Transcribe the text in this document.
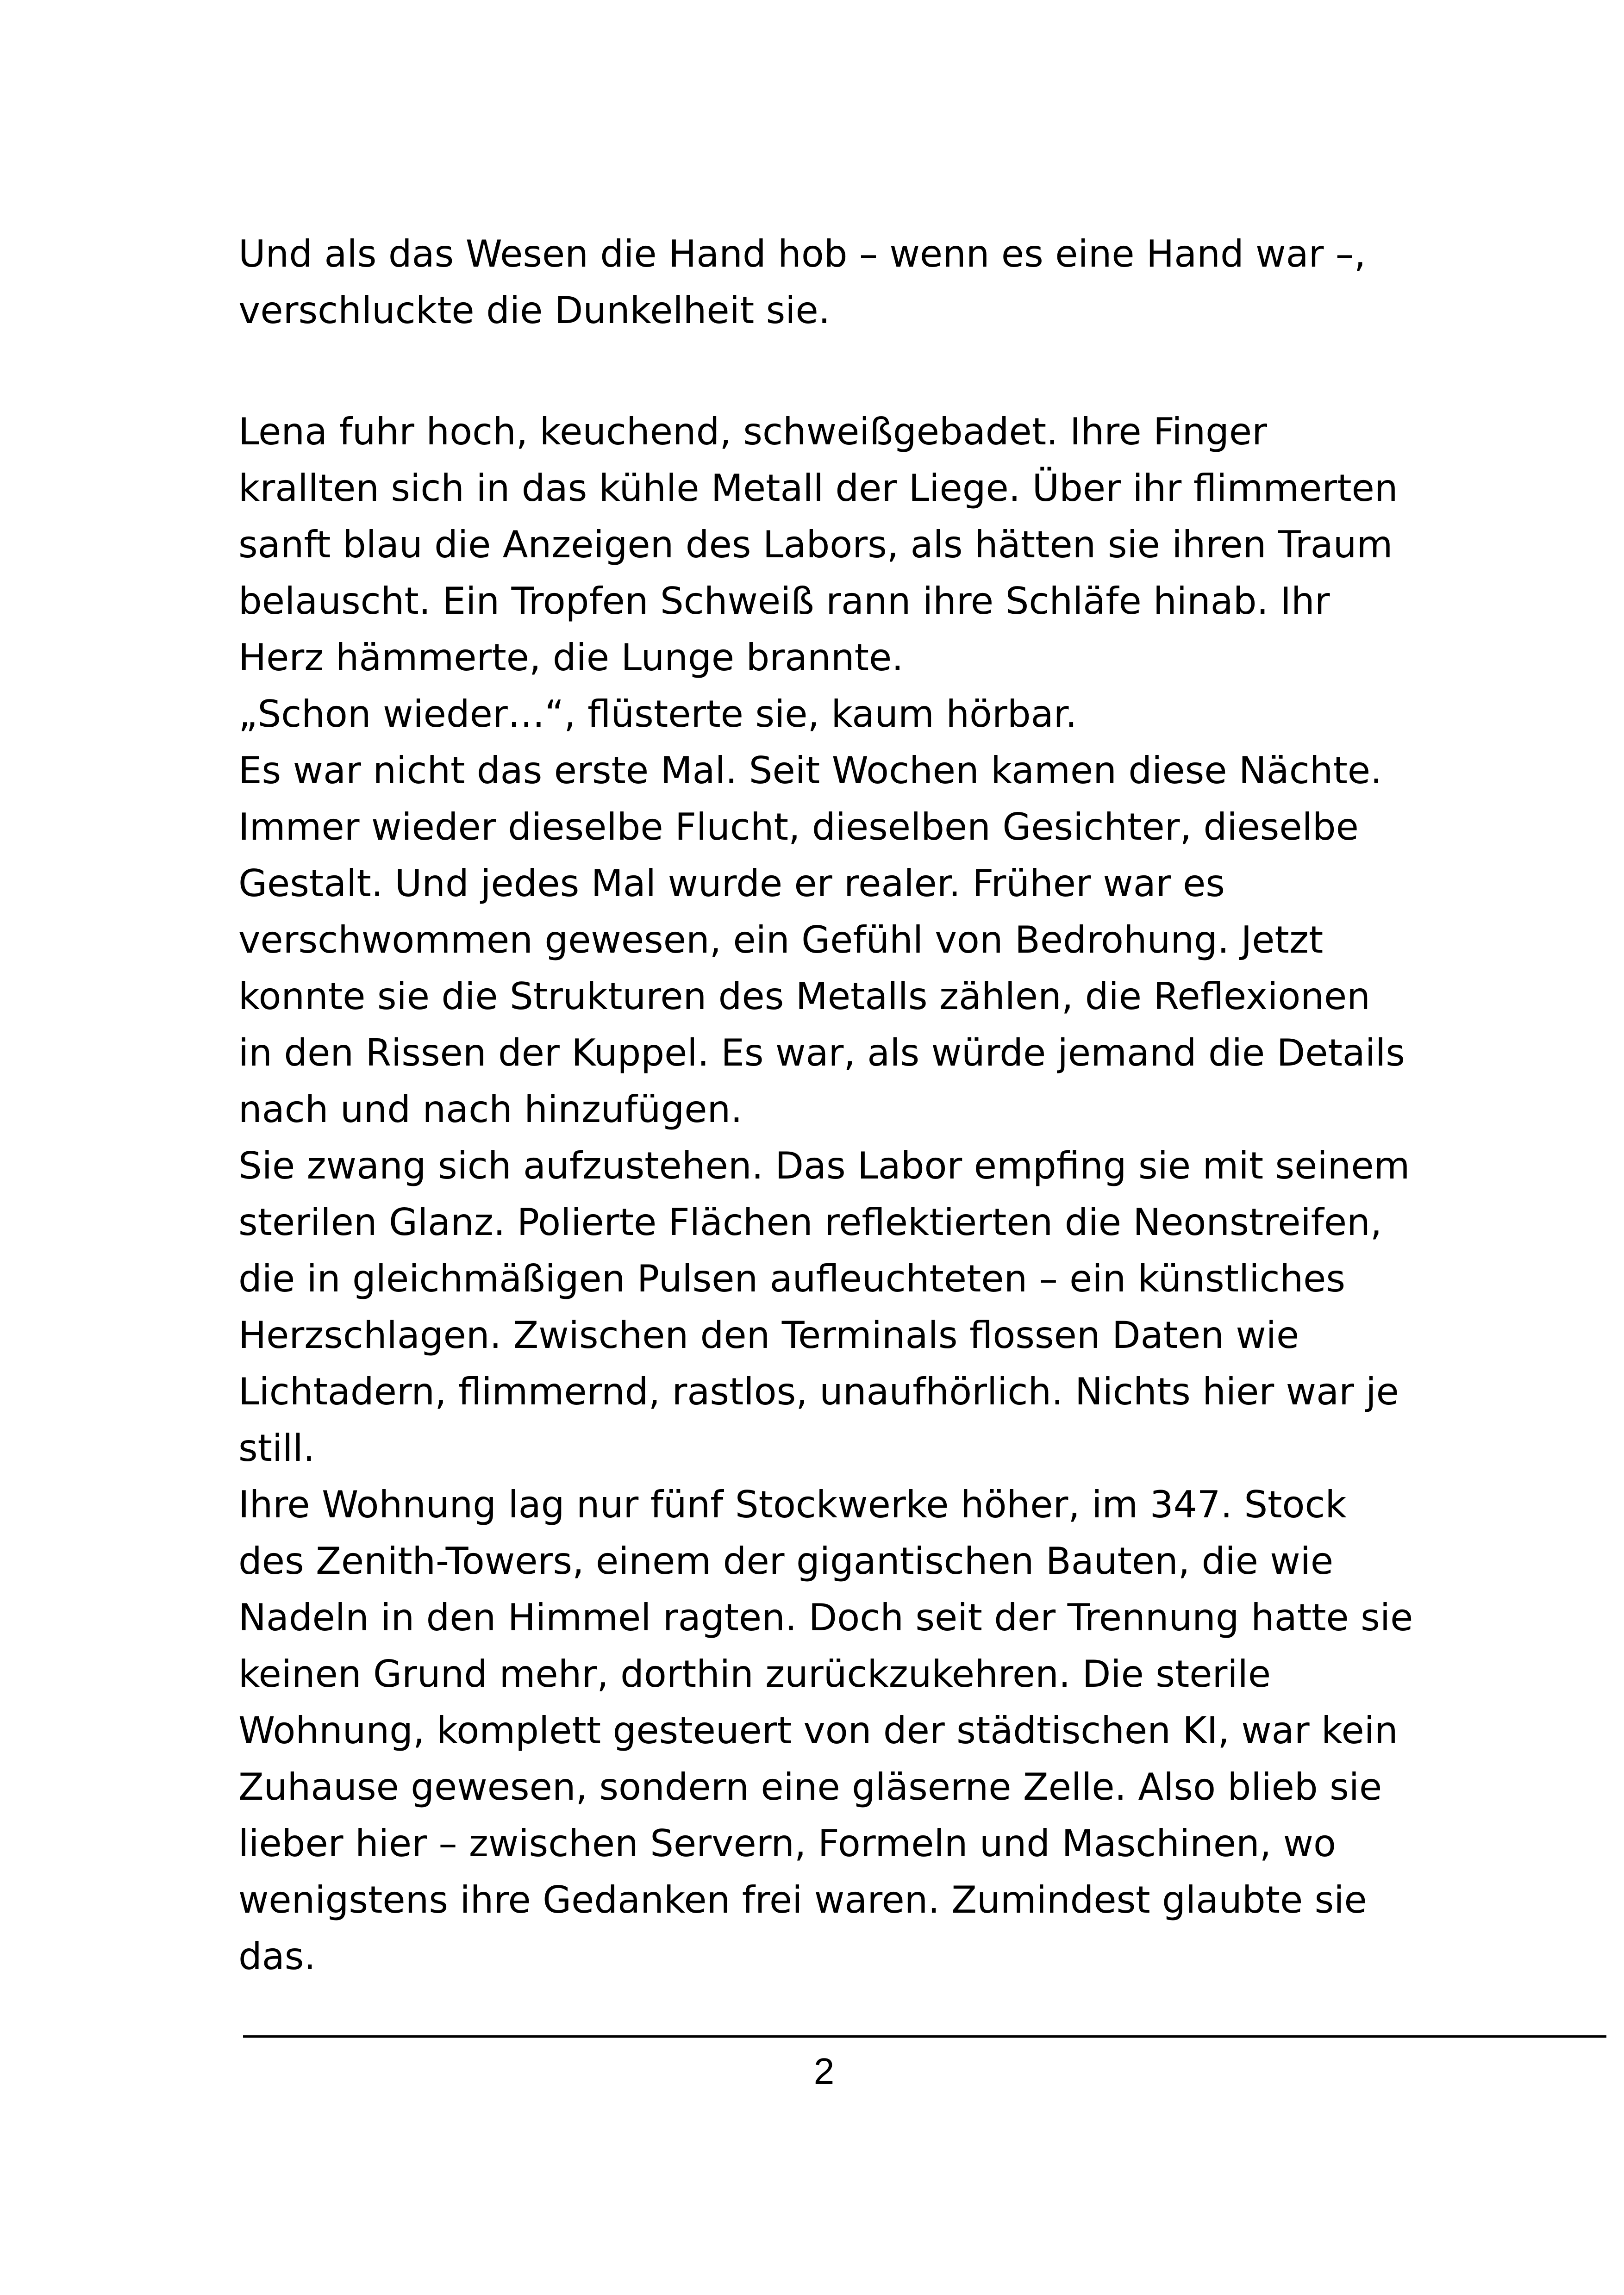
Und als das Wesen die Hand hob – wenn es eine Hand war –,
verschluckte die Dunkelheit sie.
Lena fuhr hoch, keuchend, schweißgebadet. Ihre Finger
krallten sich in das kühle Metall der Liege. Über ihr flimmerten
sanft blau die Anzeigen des Labors, als hätten sie ihren Traum
belauscht. Ein Tropfen Schweiß rann ihre Schläfe hinab. Ihr
Herz hämmerte, die Lunge brannte.
„Schon wieder…“, flüsterte sie, kaum hörbar.
Es war nicht das erste Mal. Seit Wochen kamen diese Nächte.
Immer wieder dieselbe Flucht, dieselben Gesichter, dieselbe
Gestalt. Und jedes Mal wurde er realer. Früher war es
verschwommen gewesen, ein Gefühl von Bedrohung. Jetzt
konnte sie die Strukturen des Metalls zählen, die Reflexionen
in den Rissen der Kuppel. Es war, als würde jemand die Details
nach und nach hinzufügen.
Sie zwang sich aufzustehen. Das Labor empfing sie mit seinem
sterilen Glanz. Polierte Flächen reflektierten die Neonstreifen,
die in gleichmäßigen Pulsen aufleuchteten – ein künstliches
Herzschlagen. Zwischen den Terminals flossen Daten wie
Lichtadern, flimmernd, rastlos, unaufhörlich. Nichts hier war je
still.
Ihre Wohnung lag nur fünf Stockwerke höher, im 347. Stock
des Zenith-Towers, einem der gigantischen Bauten, die wie
Nadeln in den Himmel ragten. Doch seit der Trennung hatte sie
keinen Grund mehr, dorthin zurückzukehren. Die sterile
Wohnung, komplett gesteuert von der städtischen KI, war kein
Zuhause gewesen, sondern eine gläserne Zelle. Also blieb sie
lieber hier – zwischen Servern, Formeln und Maschinen, wo
wenigstens ihre Gedanken frei waren. Zumindest glaubte sie
das.
2
